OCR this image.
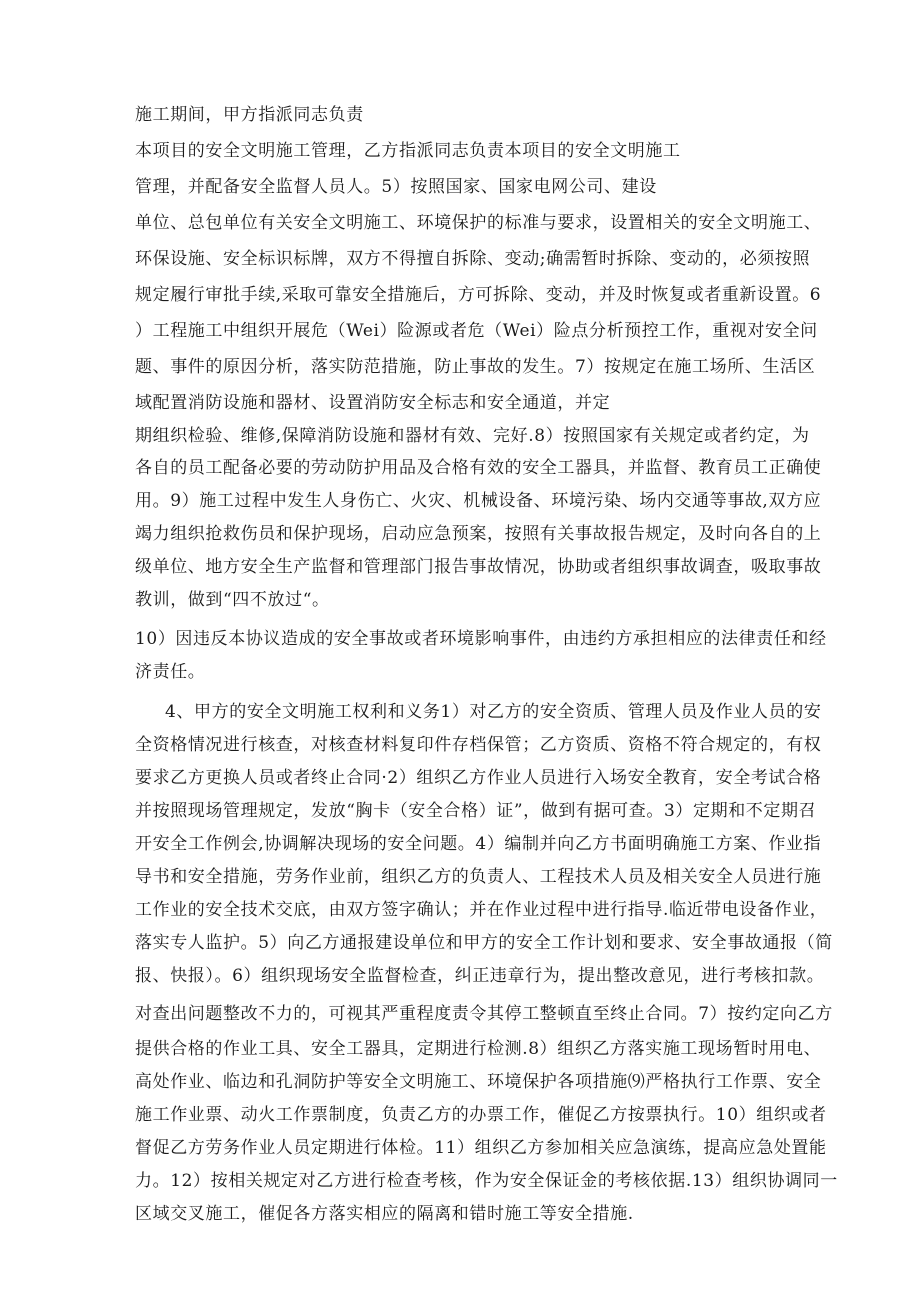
施工期间，甲方指派同志负责
本项目的安全文明施工管理，乙方指派同志负责本项目的安全文明施工
管理，并配备安全监督人员人。5）按照国家、国家电网公司、建设
单位、总包单位有关安全文明施工、环境保护的标准与要求，设置相关的安全文明施工、
环保设施、安全标识标牌，双方不得擅自拆除、变动;确需暂时拆除、变动的，必须按照
规定履行审批手续,采取可靠安全措施后，方可拆除、变动，并及时恢复或者重新设置。6
）工程施工中组织开展危（Wei）险源或者危（Wei）险点分析预控工作，重视对安全问
题、事件的原因分析，落实防范措施，防止事故的发生。7）按规定在施工场所、生活区
域配置消防设施和器材、设置消防安全标志和安全通道，并定
期组织检验、维修,保障消防设施和器材有效、完好.8）按照国家有关规定或者约定，为
各自的员工配备必要的劳动防护用品及合格有效的安全工器具，并监督、教育员工正确使
用。9）施工过程中发生人身伤亡、火灾、机械设备、环境污染、场内交通等事故,双方应
竭力组织抢救伤员和保护现场，启动应急预案，按照有关事故报告规定，及时向各自的上
级单位、地方安全生产监督和管理部门报告事故情况，协助或者组织事故调查，吸取事故
教训，做到“四不放过“。
10）因违反本协议造成的安全事故或者环境影响事件，由违约方承担相应的法律责任和经
济责任。
4、甲方的安全文明施工权利和义务1）对乙方的安全资质、管理人员及作业人员的安
全资格情况进行核查，对核查材料复印件存档保管；乙方资质、资格不符合规定的，有权
要求乙方更换人员或者终止合同·2）组织乙方作业人员进行入场安全教育，安全考试合格
并按照现场管理规定，发放“胸卡（安全合格）证”，做到有据可查。3）定期和不定期召
开安全工作例会,协调解决现场的安全问题。4）编制并向乙方书面明确施工方案、作业指
导书和安全措施，劳务作业前，组织乙方的负责人、工程技术人员及相关安全人员进行施
工作业的安全技术交底，由双方签字确认；并在作业过程中进行指导.临近带电设备作业，
落实专人监护。5）向乙方通报建设单位和甲方的安全工作计划和要求、安全事故通报（简
报、快报）。6）组织现场安全监督检查，纠正违章行为，提出整改意见，进行考核扣款。
对查出问题整改不力的，可视其严重程度责令其停工整顿直至终止合同。7）按约定向乙方
提供合格的作业工具、安全工器具，定期进行检测.8）组织乙方落实施工现场暂时用电、
高处作业、临边和孔洞防护等安全文明施工、环境保护各项措施⑼严格执行工作票、安全
施工作业票、动火工作票制度，负责乙方的办票工作，催促乙方按票执行。10）组织或者
督促乙方劳务作业人员定期进行体检。11）组织乙方参加相关应急演练，提高应急处置能
力。12）按相关规定对乙方进行检查考核，作为安全保证金的考核依据.13）组织协调同一
区域交叉施工，催促各方落实相应的隔离和错时施工等安全措施.
